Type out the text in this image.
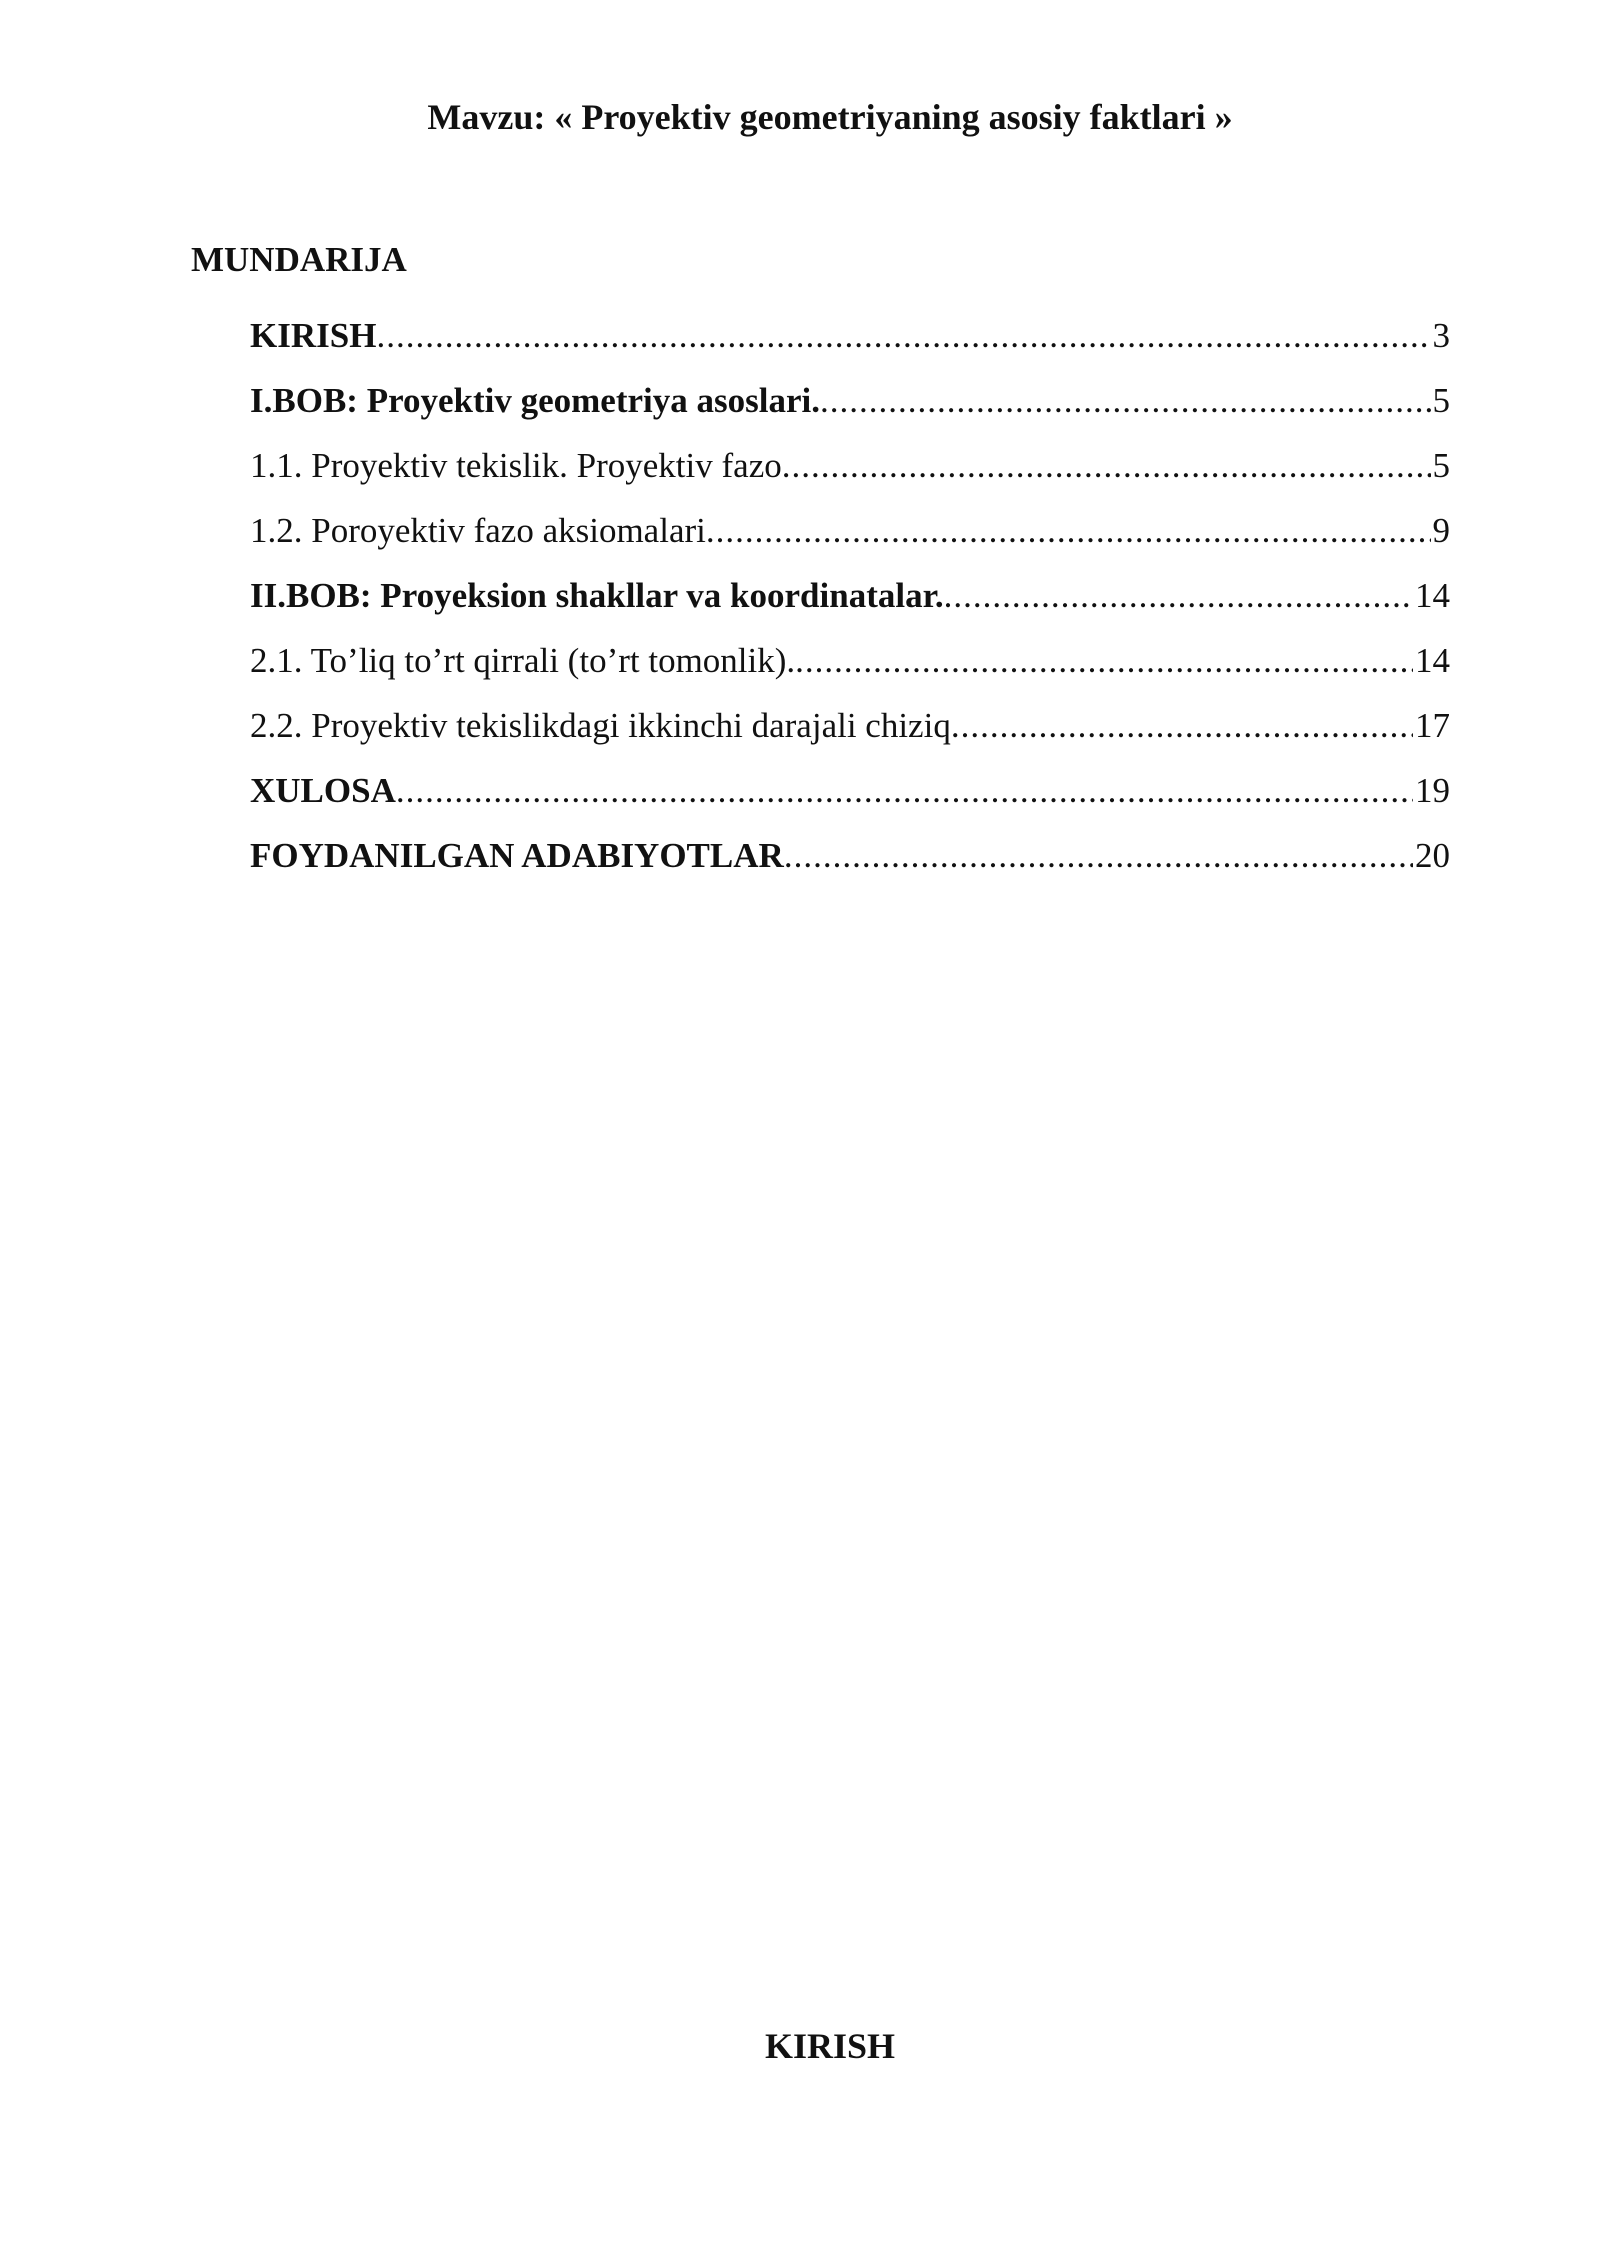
Mavzu: « Proyektiv geometriyaning asosiy faktlari »
MUNDARIJA
KIRISH .....	3
I.BOB: Proyektiv geometriya asoslari. .....	5
1.1. Proyektiv tekislik. Proyektiv fazo .....	5
1.2. Poroyektiv fazo aksiomalari .....	9
II.BOB: Proyeksion shakllar va koordinatalar. .....	14
2.1. To’liq to’rt qirrali (to’rt tomonlik). .....	14
2.2. Proyektiv tekislikdagi ikkinchi darajali chiziq .....	17
XULOSA .....	19
FOYDANILGAN ADABIYOTLAR .....	20
KIRISH
